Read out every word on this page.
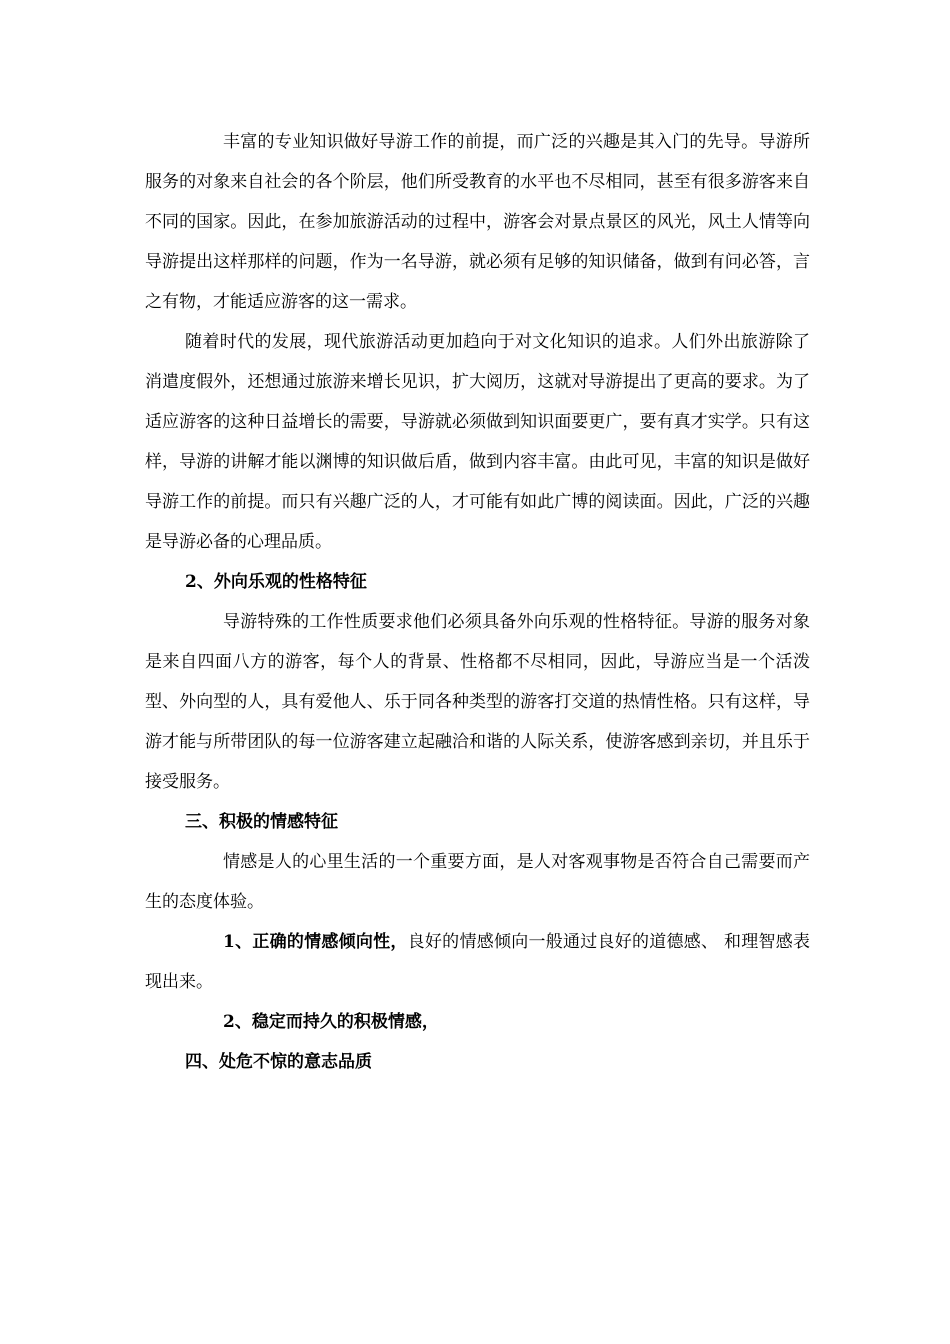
丰富的专业知识做好导游工作的前提，而广泛的兴趣是其入门的先导。导游所服务的对象来自社会的各个阶层，他们所受教育的水平也不尽相同，甚至有很多游客来自不同的国家。因此，在参加旅游活动的过程中，游客会对景点景区的风光，风土人情等向导游提出这样那样的问题，作为一名导游，就必须有足够的知识储备，做到有问必答，言之有物，才能适应游客的这一需求。

随着时代的发展，现代旅游活动更加趋向于对文化知识的追求。人们外出旅游除了消遣度假外，还想通过旅游来增长见识，扩大阅历，这就对导游提出了更高的要求。为了适应游客的这种日益增长的需要，导游就必须做到知识面要更广，要有真才实学。只有这样，导游的讲解才能以渊博的知识做后盾，做到内容丰富。由此可见，丰富的知识是做好导游工作的前提。而只有兴趣广泛的人，才可能有如此广博的阅读面。因此，广泛的兴趣是导游必备的心理品质。

2、外向乐观的性格特征

导游特殊的工作性质要求他们必须具备外向乐观的性格特征。导游的服务对象是来自四面八方的游客，每个人的背景、性格都不尽相同，因此，导游应当是一个活泼型、外向型的人，具有爱他人、乐于同各种类型的游客打交道的热情性格。只有这样，导游才能与所带团队的每一位游客建立起融洽和谐的人际关系，使游客感到亲切，并且乐于接受服务。

三、积极的情感特征

情感是人的心里生活的一个重要方面，是人对客观事物是否符合自己需要而产生的态度体验。

1、正确的情感倾向性，良好的情感倾向一般通过良好的道德感、 和理智感表现出来。

2、稳定而持久的积极情感，

四、处危不惊的意志品质
